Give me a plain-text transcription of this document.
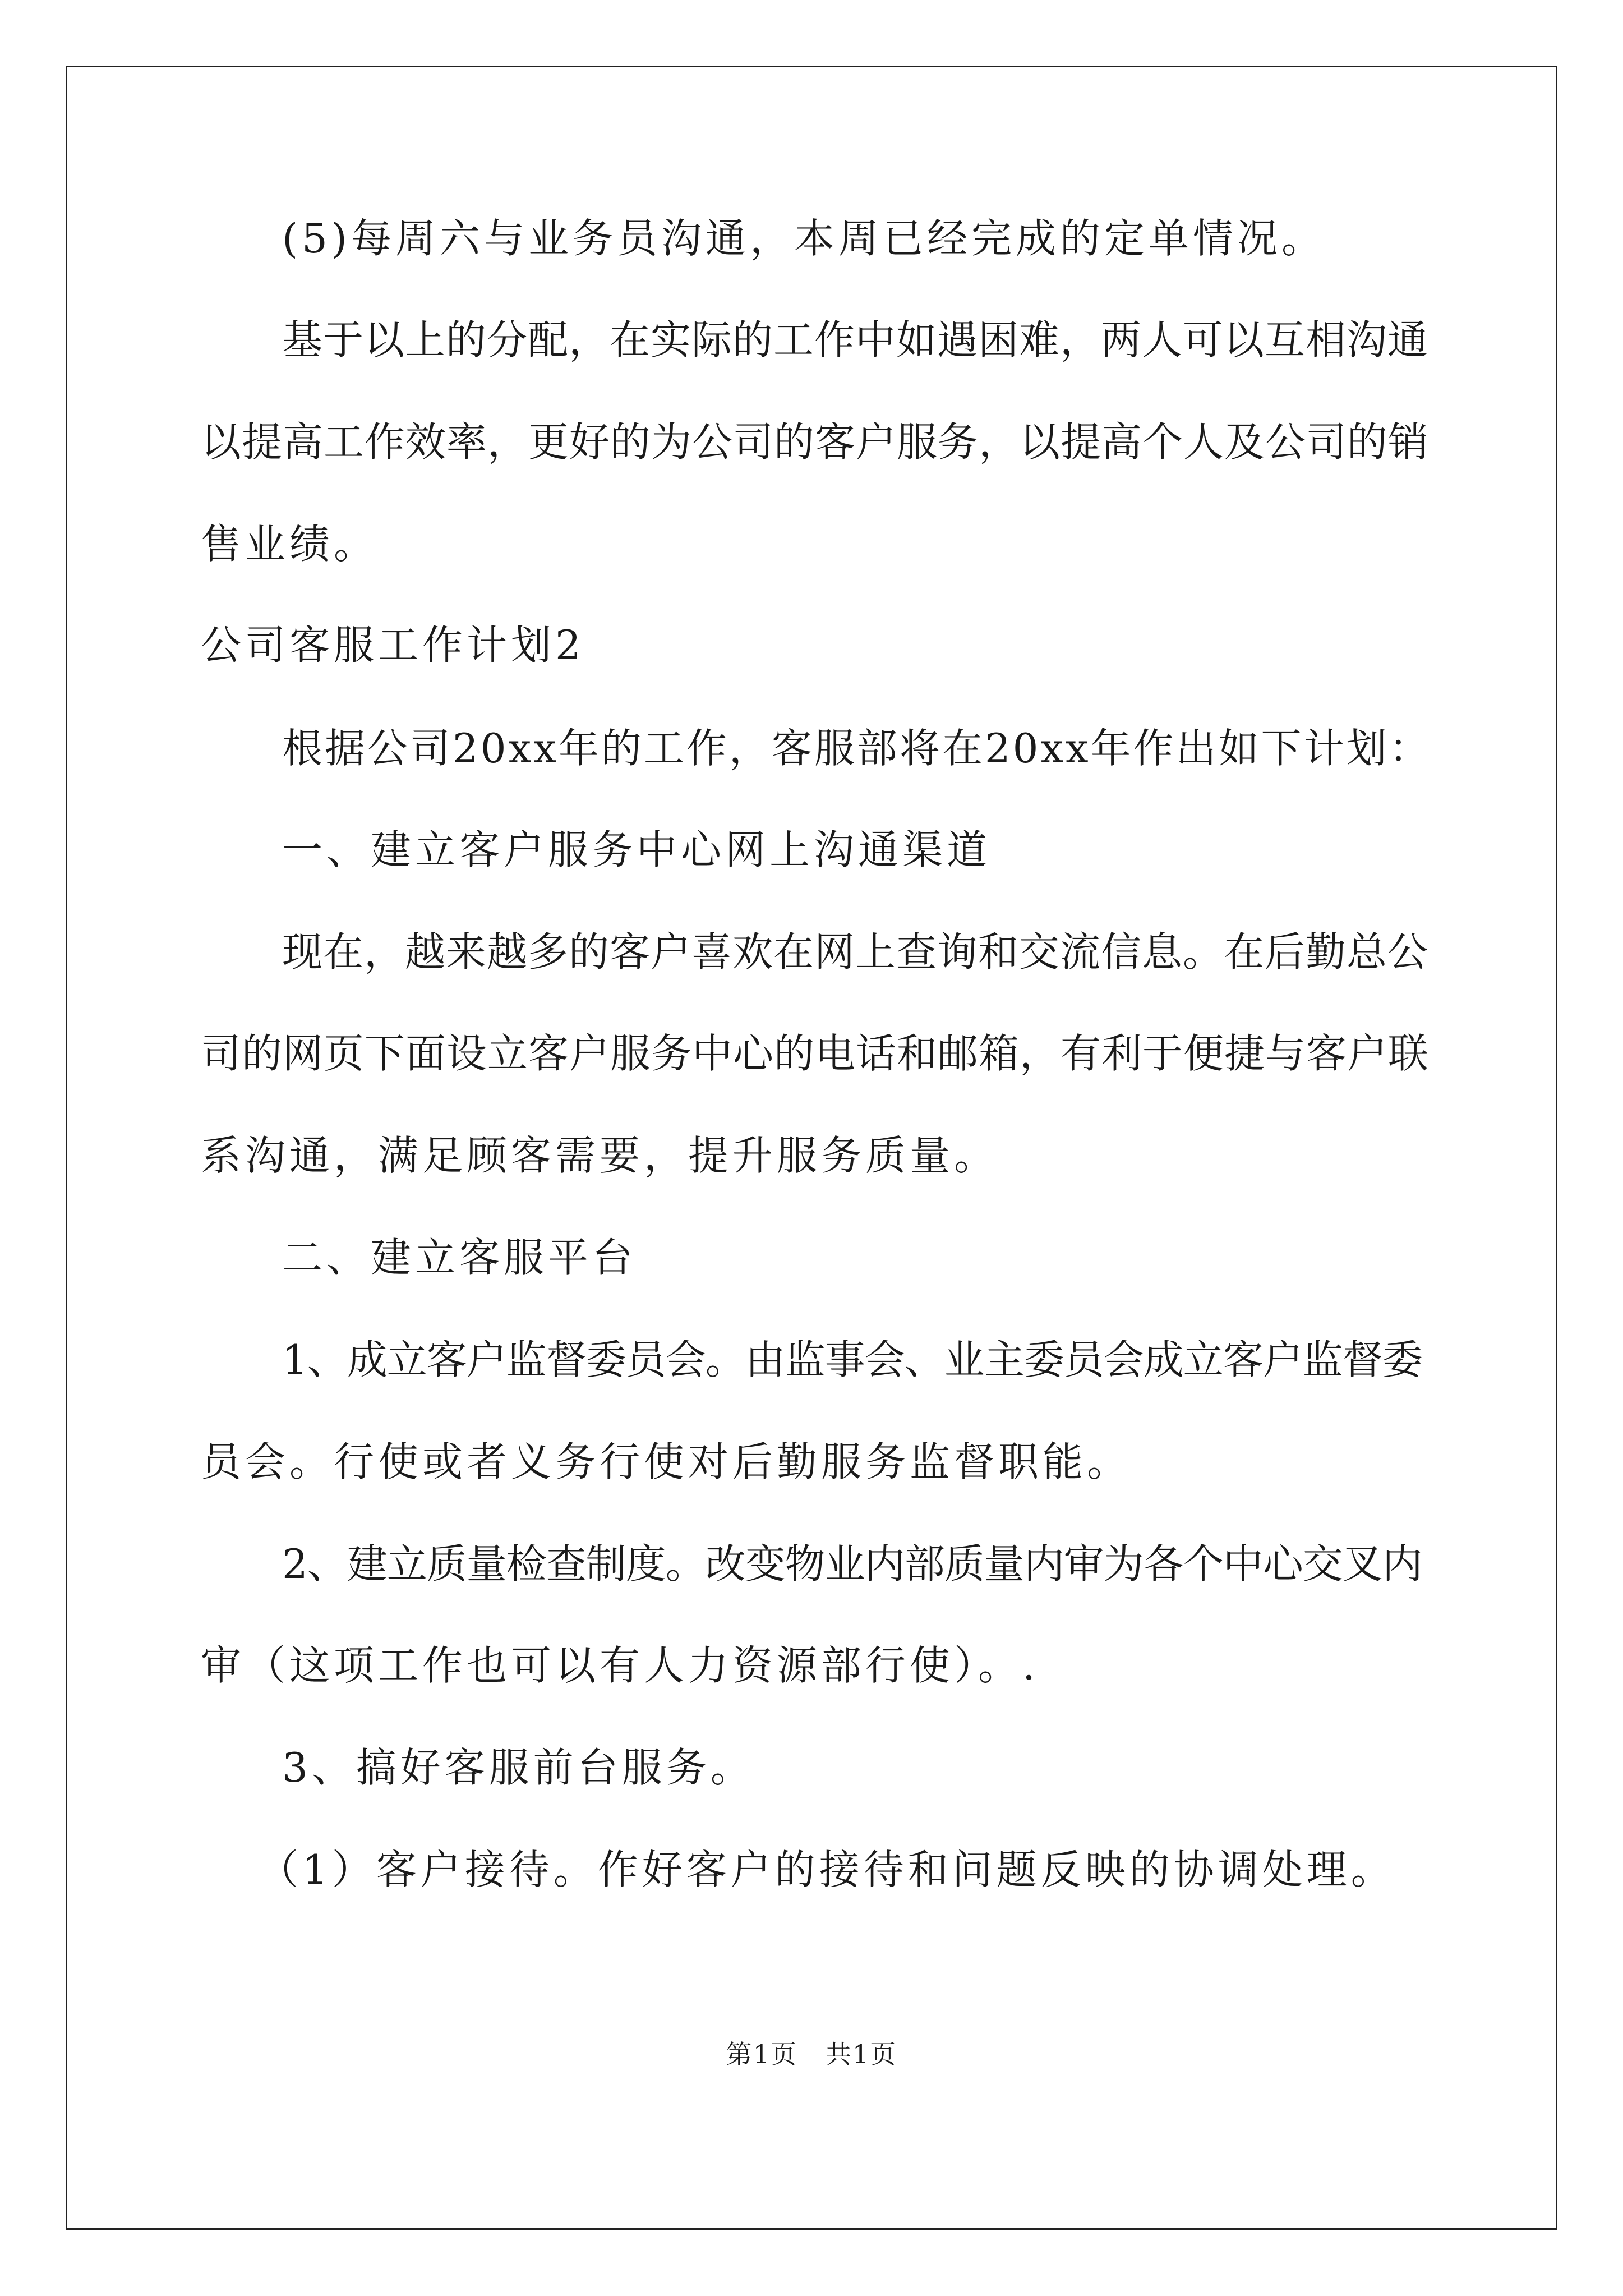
(5)每周六与业务员沟通，本周已经完成的定单情况。
基于以上的分配，在实际的工作中如遇困难，两人可以互相沟通
以提高工作效率，更好的为公司的客户服务，以提高个人及公司的销
售业绩。
公司客服工作计划2
根据公司20xx年的工作，客服部将在20xx年作出如下计划：
一、建立客户服务中心网上沟通渠道
现在，越来越多的客户喜欢在网上查询和交流信息。在后勤总公
司的网页下面设立客户服务中心的电话和邮箱，有利于便捷与客户联
系沟通，满足顾客需要，提升服务质量。
二、建立客服平台
1、成立客户监督委员会。由监事会、业主委员会成立客户监督委
员会。行使或者义务行使对后勤服务监督职能。
2、建立质量检查制度。改变物业内部质量内审为各个中心交叉内
审（这项工作也可以有人力资源部行使）。.
3、搞好客服前台服务。
（1）客户接待。作好客户的接待和问题反映的协调处理。
第1页 共1页
